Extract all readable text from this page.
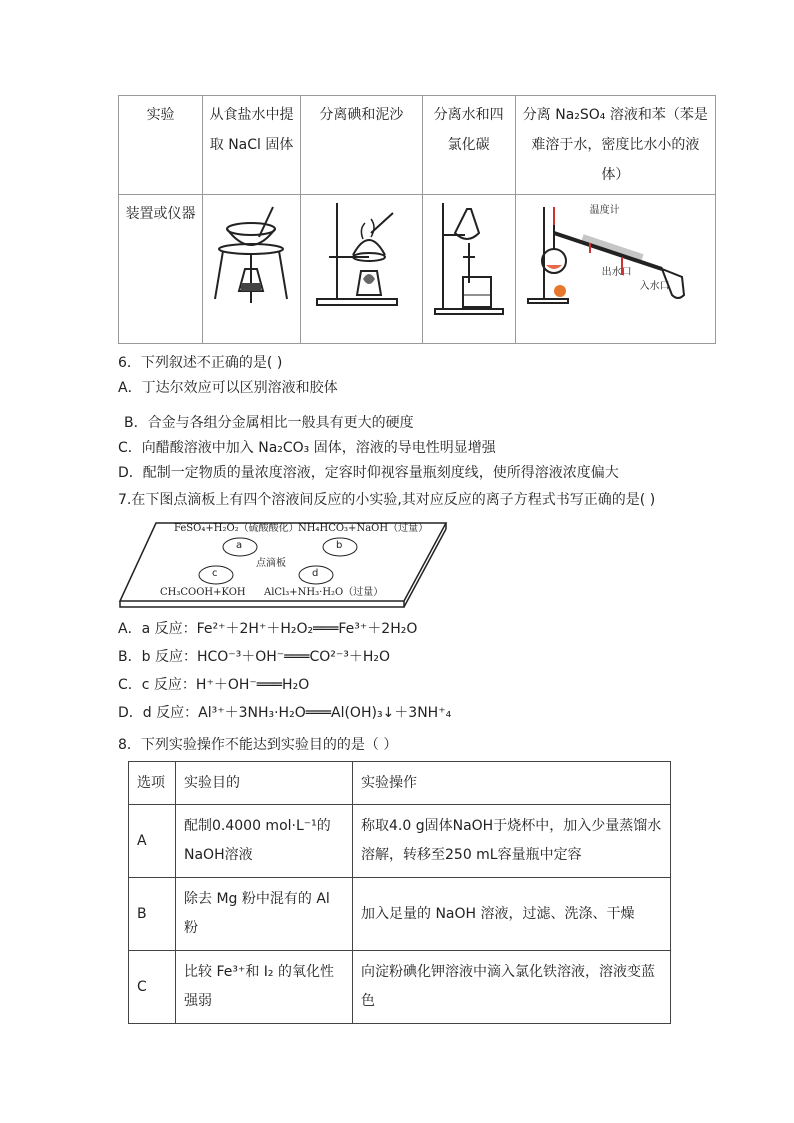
实验	从食盐水中提取 NaCl 固体	分离碘和泥沙	分离水和四氯化碳	分离 Na₂SO₄ 溶液和苯（苯是难溶于水，密度比水小的液体）
装置或仪器				温度计
出水口
入水口
6．下列叙述不正确的是( )
A．丁达尔效应可以区别溶液和胶体
B．合金与各组分金属相比一般具有更大的硬度
C．向醋酸溶液中加入 Na₂CO₃ 固体，溶液的导电性明显增强
D．配制一定物质的量浓度溶液，定容时仰视容量瓶刻度线，使所得溶液浓度偏大
7.在下图点滴板上有四个溶液间反应的小实验,其对应反应的离子方程式书写正确的是( )
FeSO₄+H₂O₂（硫酸酸化） NH₄HCO₃+NaOH（过量）
a	b
点滴板
c	d
CH₃COOH+KOH AlCl₃+NH₃·H₂O（过量）
A．a 反应：Fe²⁺＋2H⁺＋H₂O₂═══Fe³⁺＋2H₂O
B．b 反应：HCO⁻³＋OH⁻═══CO²⁻³＋H₂O
C．c 反应：H⁺＋OH⁻═══H₂O
D．d 反应：Al³⁺＋3NH₃·H₂O═══Al(OH)₃↓＋3NH⁺₄
8．下列实验操作不能达到实验目的的是（ ）
选项	实验目的	实验操作
A	配制0.4000 mol·L⁻¹的NaOH溶液	称取4.0 g固体NaOH于烧杯中，加入少量蒸馏水溶解，转移至250 mL容量瓶中定容
B	除去 Mg 粉中混有的 Al 粉	加入足量的 NaOH 溶液，过滤、洗涤、干燥
C	比较 Fe³⁺和 I₂ 的氧化性强弱	向淀粉碘化钾溶液中滴入氯化铁溶液，溶液变蓝色
